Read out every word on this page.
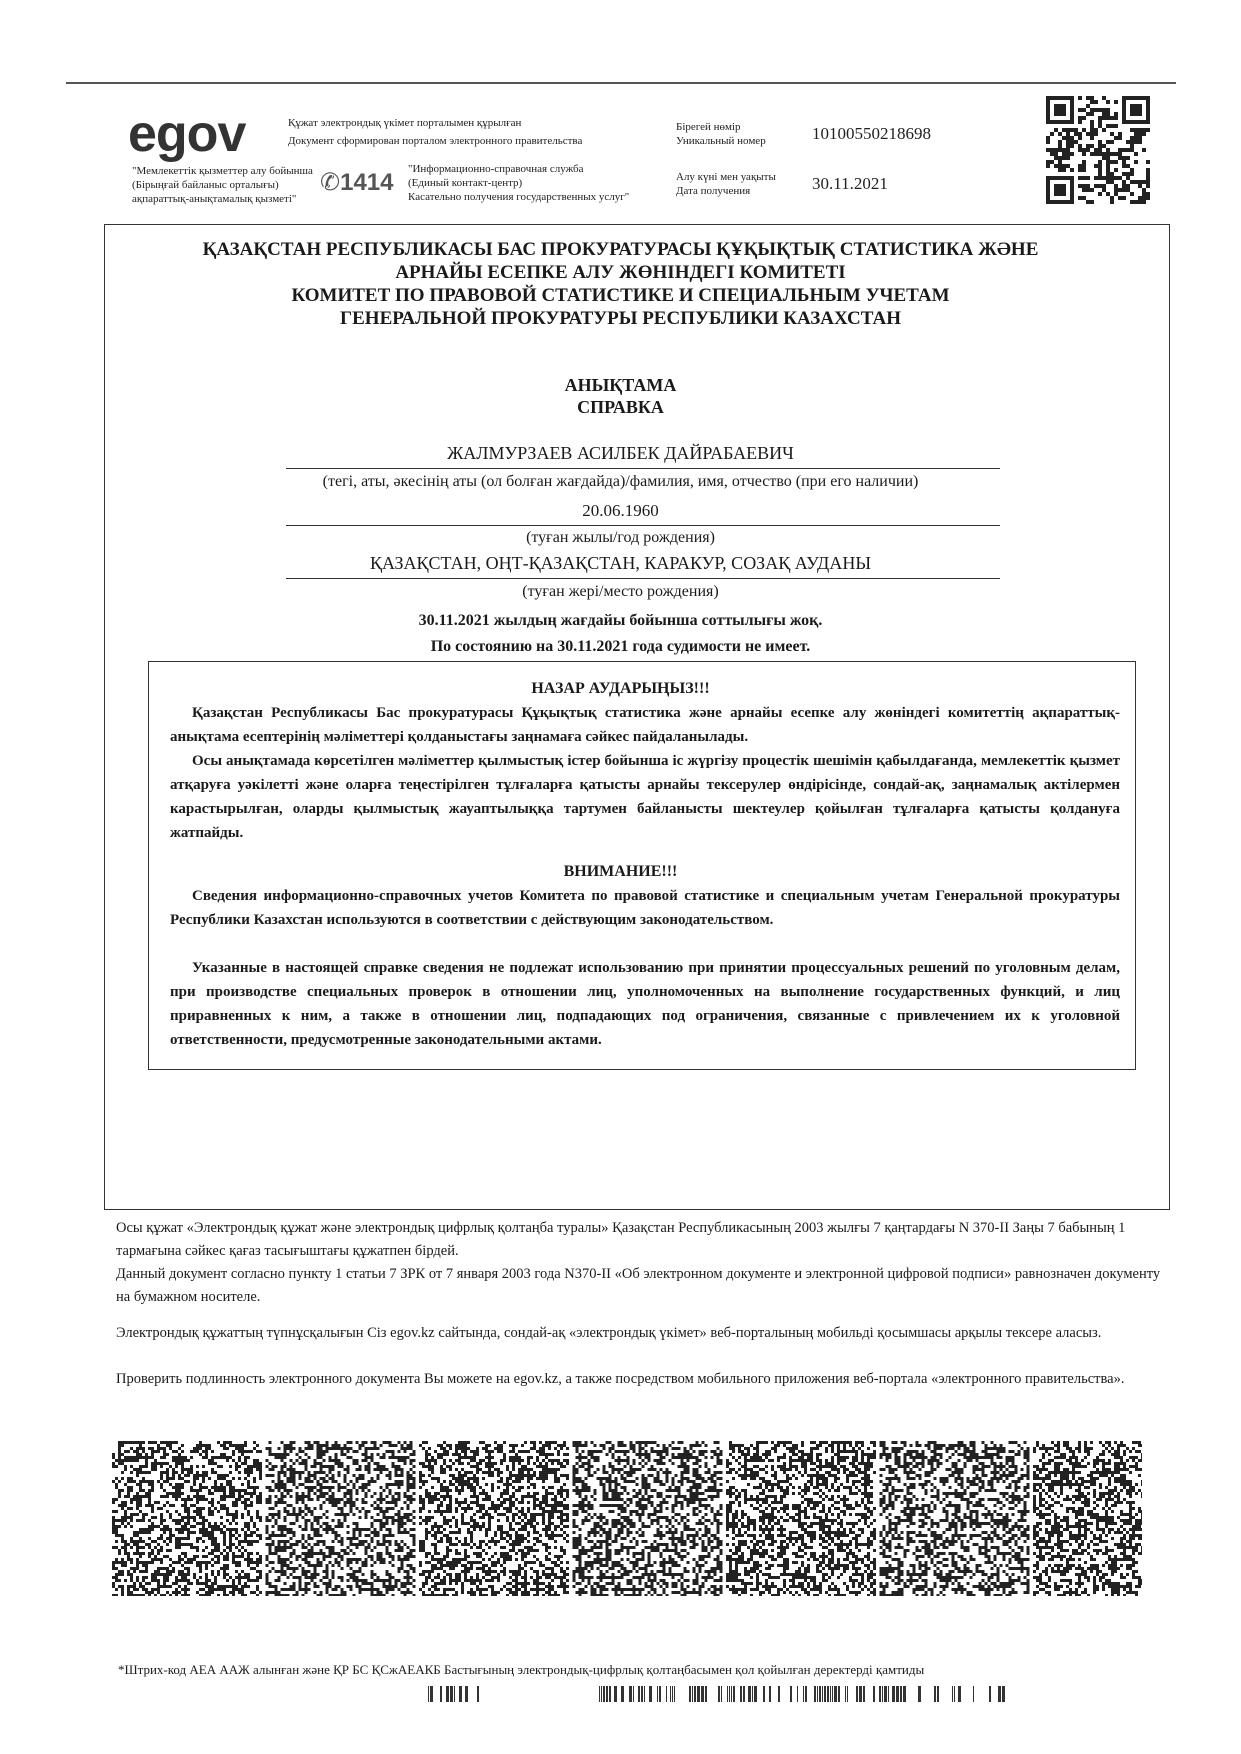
egov	Құжат электрондық үкімет порталымен құрылған
Документ сформирован порталом электронного правительства
"Мемлекеттік қызметтер алу бойынша
(Бірыңғай байланыс орталығы)
ақпараттық-анықтамалық қызметі"
✆1414 "Информационно-справочная служба
(Единый контакт-центр)
Касательно получения государственных услуг"
Бірегей нөмір
Уникальный номер	10100550218698
Алу күні мен уақыты
Дата получения	30.11.2021
ҚАЗАҚСТАН РЕСПУБЛИКАСЫ БАС ПРОКУРАТУРАСЫ ҚҰҚЫҚТЫҚ СТАТИСТИКА ЖӘНЕ
АРНАЙЫ ЕСЕПКЕ АЛУ ЖӨНІНДЕГІ КОМИТЕТІ
КОМИТЕТ ПО ПРАВОВОЙ СТАТИСТИКЕ И СПЕЦИАЛЬНЫМ УЧЕТАМ
ГЕНЕРАЛЬНОЙ ПРОКУРАТУРЫ РЕСПУБЛИКИ КАЗАХСТАН
АНЫҚТАМА
СПРАВКА
ЖАЛМУРЗАЕВ АСИЛБЕК ДАЙРАБАЕВИЧ
(тегі, аты, әкесінің аты (ол болған жағдайда)/фамилия, имя, отчество (при его наличии)
20.06.1960
(туған жылы/год рождения)
ҚАЗАҚСТАН, ОҢТ-ҚАЗАҚСТАН, КАРАКУР, СОЗАҚ АУДАНЫ
(туған жері/место рождения)
30.11.2021 жылдың жағдайы бойынша соттылығы жоқ.
По состоянию на 30.11.2021 года судимости не имеет.
НАЗАР АУДАРЫҢЫЗ!!!
Қазақстан Республикасы Бас прокуратурасы Құқықтық статистика және арнайы есепке алу жөніндегі комитеттің ақпараттық-анықтама есептерінің мәліметтері қолданыстағы заңнамаға сәйкес пайдаланылады.
Осы анықтамада көрсетілген мәліметтер қылмыстық істер бойынша іс жүргізу процестік шешімін қабылдағанда, мемлекеттік қызмет атқаруға уәкілетті және оларға теңестірілген тұлғаларға қатысты арнайы тексерулер өндірісінде, сондай-ақ, заңнамалық актілермен карастырылған, оларды қылмыстық жауаптылыққа тартумен байланысты шектеулер қойылған тұлғаларға қатысты қолдануға жатпайды.
ВНИМАНИЕ!!!
Сведения информационно-справочных учетов Комитета по правовой статистике и специальным учетам Генеральной прокуратуры Республики Казахстан используются в соответствии с действующим законодательством.
Указанные в настоящей справке сведения не подлежат использованию при принятии процессуальных решений по уголовным делам, при производстве специальных проверок в отношении лиц, уполномоченных на выполнение государственных функций, и лиц приравненных к ним, а также в отношении лиц, подпадающих под ограничения, связанные с привлечением их к уголовной ответственности, предусмотренные законодательными актами.
Осы құжат «Электрондық құжат және электрондық цифрлық қолтаңба туралы» Қазақстан Республикасының 2003 жылғы 7 қаңтардағы N 370-II Заңы 7 бабының 1 тармағына сәйкес қағаз тасығыштағы құжатпен бірдей.
Данный документ согласно пункту 1 статьи 7 ЗРК от 7 января 2003 года N370-II «Об электронном документе и электронной цифровой подписи» равнозначен документу на бумажном носителе.
Электрондық құжаттың түпнұсқалығын Сіз egov.kz сайтында, сондай-ақ «электрондық үкімет» веб-порталының мобильді қосымшасы арқылы тексере аласыз.
Проверить подлинность электронного документа Вы можете на egov.kz, а также посредством мобильного приложения веб-портала «электронного правительства».
*Штрих-код АЕА ААЖ алынған және ҚР БС ҚСжАЕАКБ Бастығының электрондық-цифрлық қолтаңбасымен қол қойылған деректерді қамтиды
